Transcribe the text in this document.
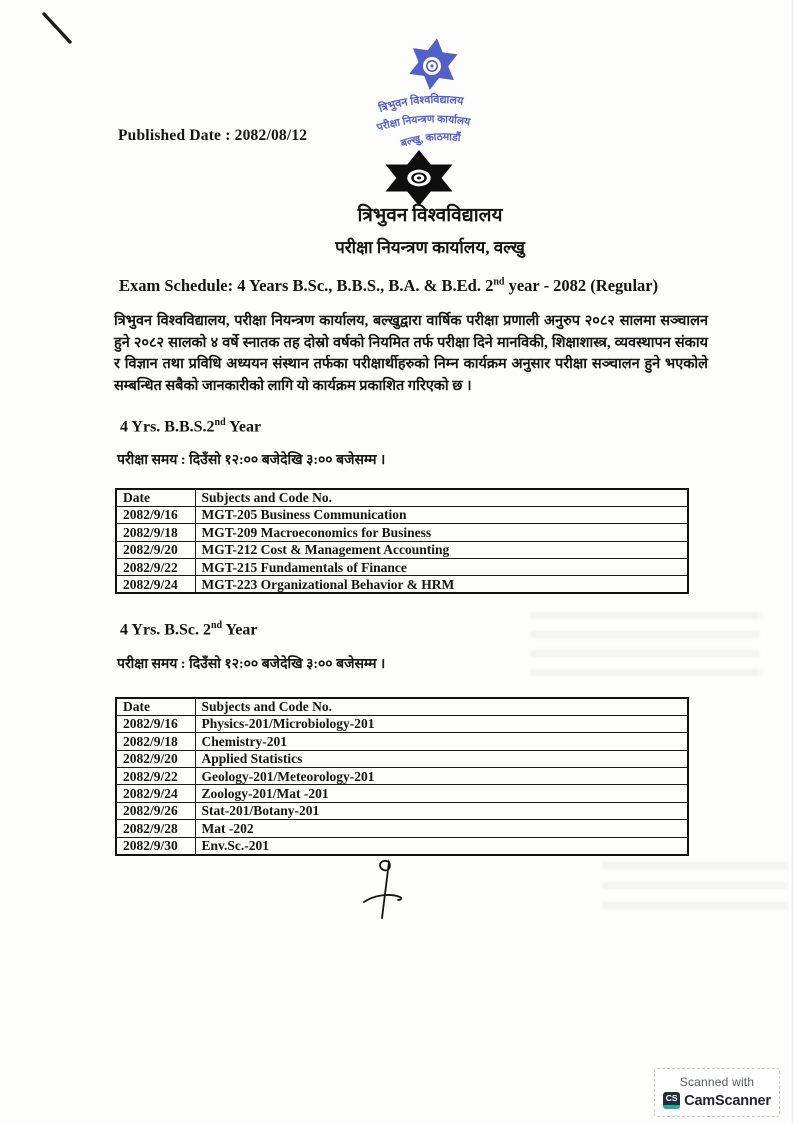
त्रिभुवन विश्वविद्यालय
परीक्षा नियन्त्रण कार्यालय
बल्खु, काठमाडौं
त्रिभुवन विश्वविद्यालय
परीक्षा नियन्त्रण कार्यालय, वल्खु
Published Date : 2082/08/12
Exam Schedule: 4 Years B.Sc., B.B.S., B.A. & B.Ed. 2nd year - 2082 (Regular)
त्रिभुवन विश्वविद्यालय, परीक्षा नियन्त्रण कार्यालय, बल्खुद्वारा वार्षिक परीक्षा प्रणाली अनुरुप २०८२ सालमा सञ्चालन हुने २०८२ सालको ४ वर्षे स्नातक तह दोस्रो वर्षको नियमित तर्फ परीक्षा दिने मानविकी, शिक्षाशास्त्र, व्यवस्थापन संकाय र विज्ञान तथा प्रविधि अध्ययन संस्थान तर्फका परीक्षार्थीहरुको निम्न कार्यक्रम अनुसार परीक्षा सञ्चालन हुने भएकोले सम्बन्धित सबैको जानकारीको लागि यो कार्यक्रम प्रकाशित गरिएको छ ।
4 Yrs. B.B.S.2nd Year
परीक्षा समय : दिउँसो १२:०० बजेदेखि ३:०० बजेसम्म ।
Date	Subjects and Code No.
2082/9/16	MGT-205 Business Communication
2082/9/18	MGT-209 Macroeconomics for Business
2082/9/20	MGT-212 Cost & Management Accounting
2082/9/22	MGT-215 Fundamentals of Finance
2082/9/24	MGT-223 Organizational Behavior & HRM
4 Yrs. B.Sc. 2nd Year
परीक्षा समय : दिउँसो १२:०० बजेदेखि ३:०० बजेसम्म ।
Date	Subjects and Code No.
2082/9/16	Physics-201/Microbiology-201
2082/9/18	Chemistry-201
2082/9/20	Applied Statistics
2082/9/22	Geology-201/Meteorology-201
2082/9/24	Zoology-201/Mat -201
2082/9/26	Stat-201/Botany-201
2082/9/28	Mat -202
2082/9/30	Env.Sc.-201
Scanned with
CS CamScanner
